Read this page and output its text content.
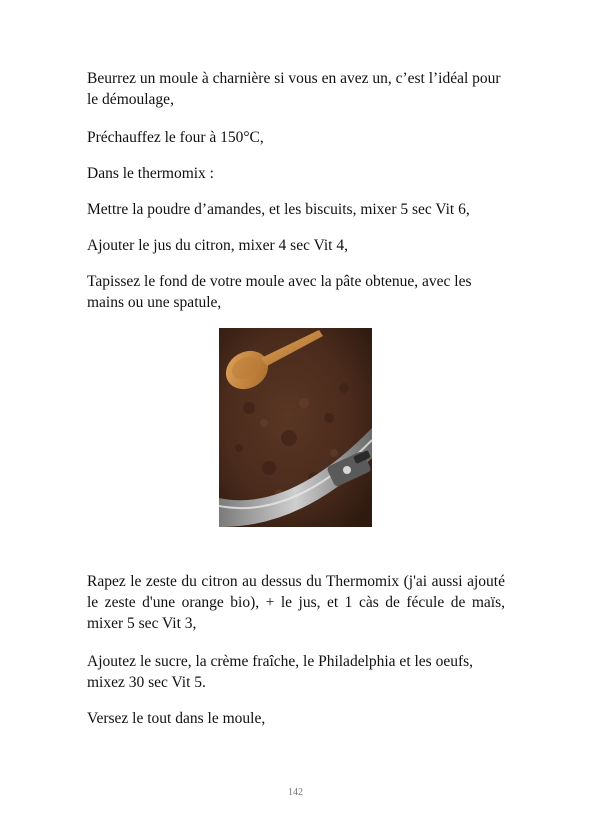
Beurrez un moule à charnière si vous en avez un, c’est l’idéal pour le démoulage,

Préchauffez le four à 150°C,

Dans le thermomix :

Mettre la poudre d’amandes, et les biscuits, mixer 5 sec Vit 6,

Ajouter le jus du citron, mixer 4 sec Vit 4,

Tapissez le fond de votre moule avec la pâte obtenue, avec les mains ou une spatule,

Rapez le zeste du citron au dessus du Thermomix (j'ai aussi ajouté le zeste d'une orange bio), + le jus, et 1 càs de fécule de maïs, mixer 5 sec Vit 3,

Ajoutez le sucre, la crème fraîche, le Philadelphia et les oeufs, mixez 30 sec Vit 5.

Versez le tout dans le moule,

142
